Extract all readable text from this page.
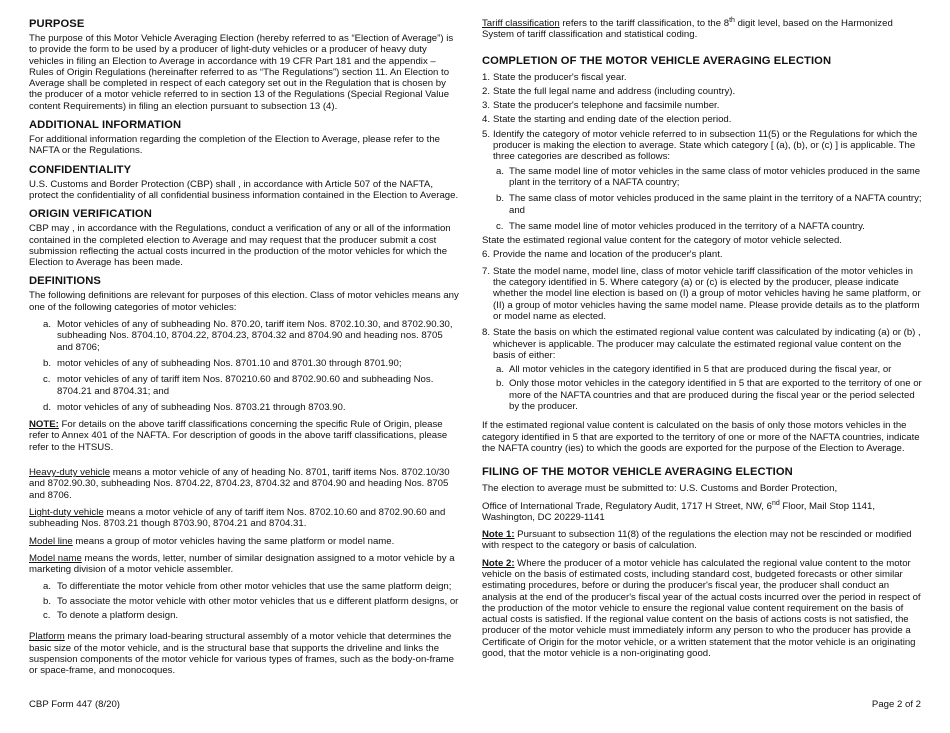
PURPOSE

The purpose of this Motor Vehicle Averaging Election (hereby referred to as “Election of Average”) is to provide the form to be used by a producer of light-duty vehicles or a producer of heavy duty vehicles in filing an Election to Average in accordance with 19 CFR Part 181 and the appendix – Rules of Origin Regulations (hereinafter referred to as “The Regulations”) section 11. An Election to Average shall be completed in respect of each category set out in the Regulation that is chosen by the producer of a motor vehicle referred to in section 13 of the Regulations (Special Regional Value content Requirements) in filing an election pursuant to subsection 13 (4).

ADDITIONAL INFORMATION

For additional information regarding the completion of the Election to Average, please refer to the NAFTA or the Regulations.

CONFIDENTIALITY

U.S. Customs and Border Protection (CBP) shall , in accordance with Article 507 of the NAFTA, protect the confidentiality of all confidential business information contained in the Election to Average.

ORIGIN VERIFICATION

CBP may , in accordance with the Regulations, conduct a verification of any or all of the information contained in the completed election to Average and may request that the producer submit a cost submission reflecting the actual costs incurred in the production of the motor vehicles for which the Election to Average has been made.

DEFINITIONS

The following definitions are relevant for purposes of this election. Class of motor vehicles means any one of the following categories of motor vehicles:

a. Motor vehicles of any of subheading No. 870.20, tariff item Nos. 8702.10.30, and 8702.90.30, subheading Nos. 8704.10, 8704.22, 8704.23, 8704.32 and 8704.90 and heading nos. 8705 and 8706;
b. motor vehicles of any of subheading Nos. 8701.10 and 8701.30 through 8701.90;
c. motor vehicles of any of tariff item Nos. 870210.60 and 8702.90.60 and subheading Nos. 8704.21 and 8704.31; and
d. motor vehicles of any of subheading Nos. 8703.21 through 8703.90.

NOTE: For details on the above tariff classifications concerning the specific Rule of Origin, please refer to Annex 401 of the NAFTA. For description of goods in the above tariff classifications, please refer to the HTSUS.

Heavy-duty vehicle means a motor vehicle of any of heading No. 8701, tariff items Nos. 8702.10/30 and 8702.90.30, subheading Nos. 8704.22, 8704.23, 8704.32 and 8704.90 and heading Nos. 8705 and 8706.

Light-duty vehicle means a motor vehicle of any of tariff item Nos. 8702.10.60 and 8702.90.60 and subheading Nos. 8703.21 though 8703.90, 8704.21 and 8704.31.

Model line means a group of motor vehicles having the same platform or model name.

Model name means the words, letter, number of similar designation assigned to a motor vehicle by a marketing division of a motor vehicle assembler.

a. To differentiate the motor vehicle from other motor vehicles that use the same platform deign;
b. To associate the motor vehicle with other motor vehicles that us e different platform designs, or
c. To denote a platform design.

Platform means the primary load-bearing structural assembly of a motor vehicle that determines the basic size of the motor vehicle, and is the structural base that supports the driveline and links the suspension components of the motor vehicle for various types of frames, such as the body-on-frame or space-frame, and monocoques.

Tariff classification refers to the tariff classification, to the 8th digit level, based on the Harmonized System of tariff classification and statistical coding.

COMPLETION OF THE MOTOR VEHICLE AVERAGING ELECTION
1. State the producer's fiscal year.
2. State the full legal name and address (including country).
3. State the producer's telephone and facsimile number.
4. State the starting and ending date of the election period.
5. Identify the category of motor vehicle referred to in subsection 11(5) or the Regulations for which the producer is making the election to average. State which category [ (a), (b), or (c) ] is applicable. The three categories are described as follows:
a. The same model line of motor vehicles in the same class of motor vehicles produced in the same plant in the territory of a NAFTA country;
b. The same class of motor vehicles produced in the same plaint in the territory of a NAFTA country; and
c. The same model line of motor vehicles produced in the territory of a NAFTA country.

State the estimated regional value content for the category of motor vehicle selected.

6. Provide the name and location of the producer's plant.
7. State the model name, model line, class of motor vehicle tariff classification of the motor vehicles in the category identified in 5. Where category (a) or (c) is elected by the producer, please indicate whether the model line election is based on (I) a group of motor vehicles having he same platform, or (II) a group of motor vehicles having the same model name. Please provide details as to the platform or model name as elected.
8. State the basis on which the estimated regional value content was calculated by indicating (a) or (b) , whichever is applicable. The producer may calculate the estimated regional value content on the basis of either:
a. All motor vehicles in the category identified in 5 that are produced during the fiscal year, or
b. Only those motor vehicles in the category identified in 5 that are exported to the territory of one or more of the NAFTA countries and that are produced during the fiscal year or the period selected by the producer.

If the estimated regional value content is calculated on the basis of only those motors vehicles in the category identified in 5 that are exported to the territory of one or more of the NAFTA countries, indicate the NAFTA country (ies) to which the goods are exported for the purpose of the Election to Average.

FILING OF THE MOTOR VEHICLE AVERAGING ELECTION

The election to average must be submitted to: U.S. Customs and Border Protection,

Office of International Trade, Regulatory Audit, 1717 H Street, NW, 6nd Floor, Mail Stop 1141, Washington, DC 20229-1141

Note 1: Pursuant to subsection 11(8) of the regulations the election may not be rescinded or modified with respect to the category or basis of calculation.

Note 2: Where the producer of a motor vehicle has calculated the regional value content to the motor vehicle on the basis of estimated costs, including standard cost, budgeted forecasts or other similar estimating procedures, before or during the producer's fiscal year, the producer shall conduct an analysis at the end of the producer's fiscal year of the actual costs incurred over the period in respect of the production of the motor vehicle to ensure the regional value content requirement on the basis of actual costs is satisfied. If the regional value content on the basis of actions costs is not satisfied, the producer of the motor vehicle must immediately inform any person to who the producer has provide a Certificate of Origin for the motor vehicle, or a written statement that the motor vehicle is an originating good, that the motor vehicle is a non-originating good.

CBP Form 447 (8/20)	Page 2 of 2
